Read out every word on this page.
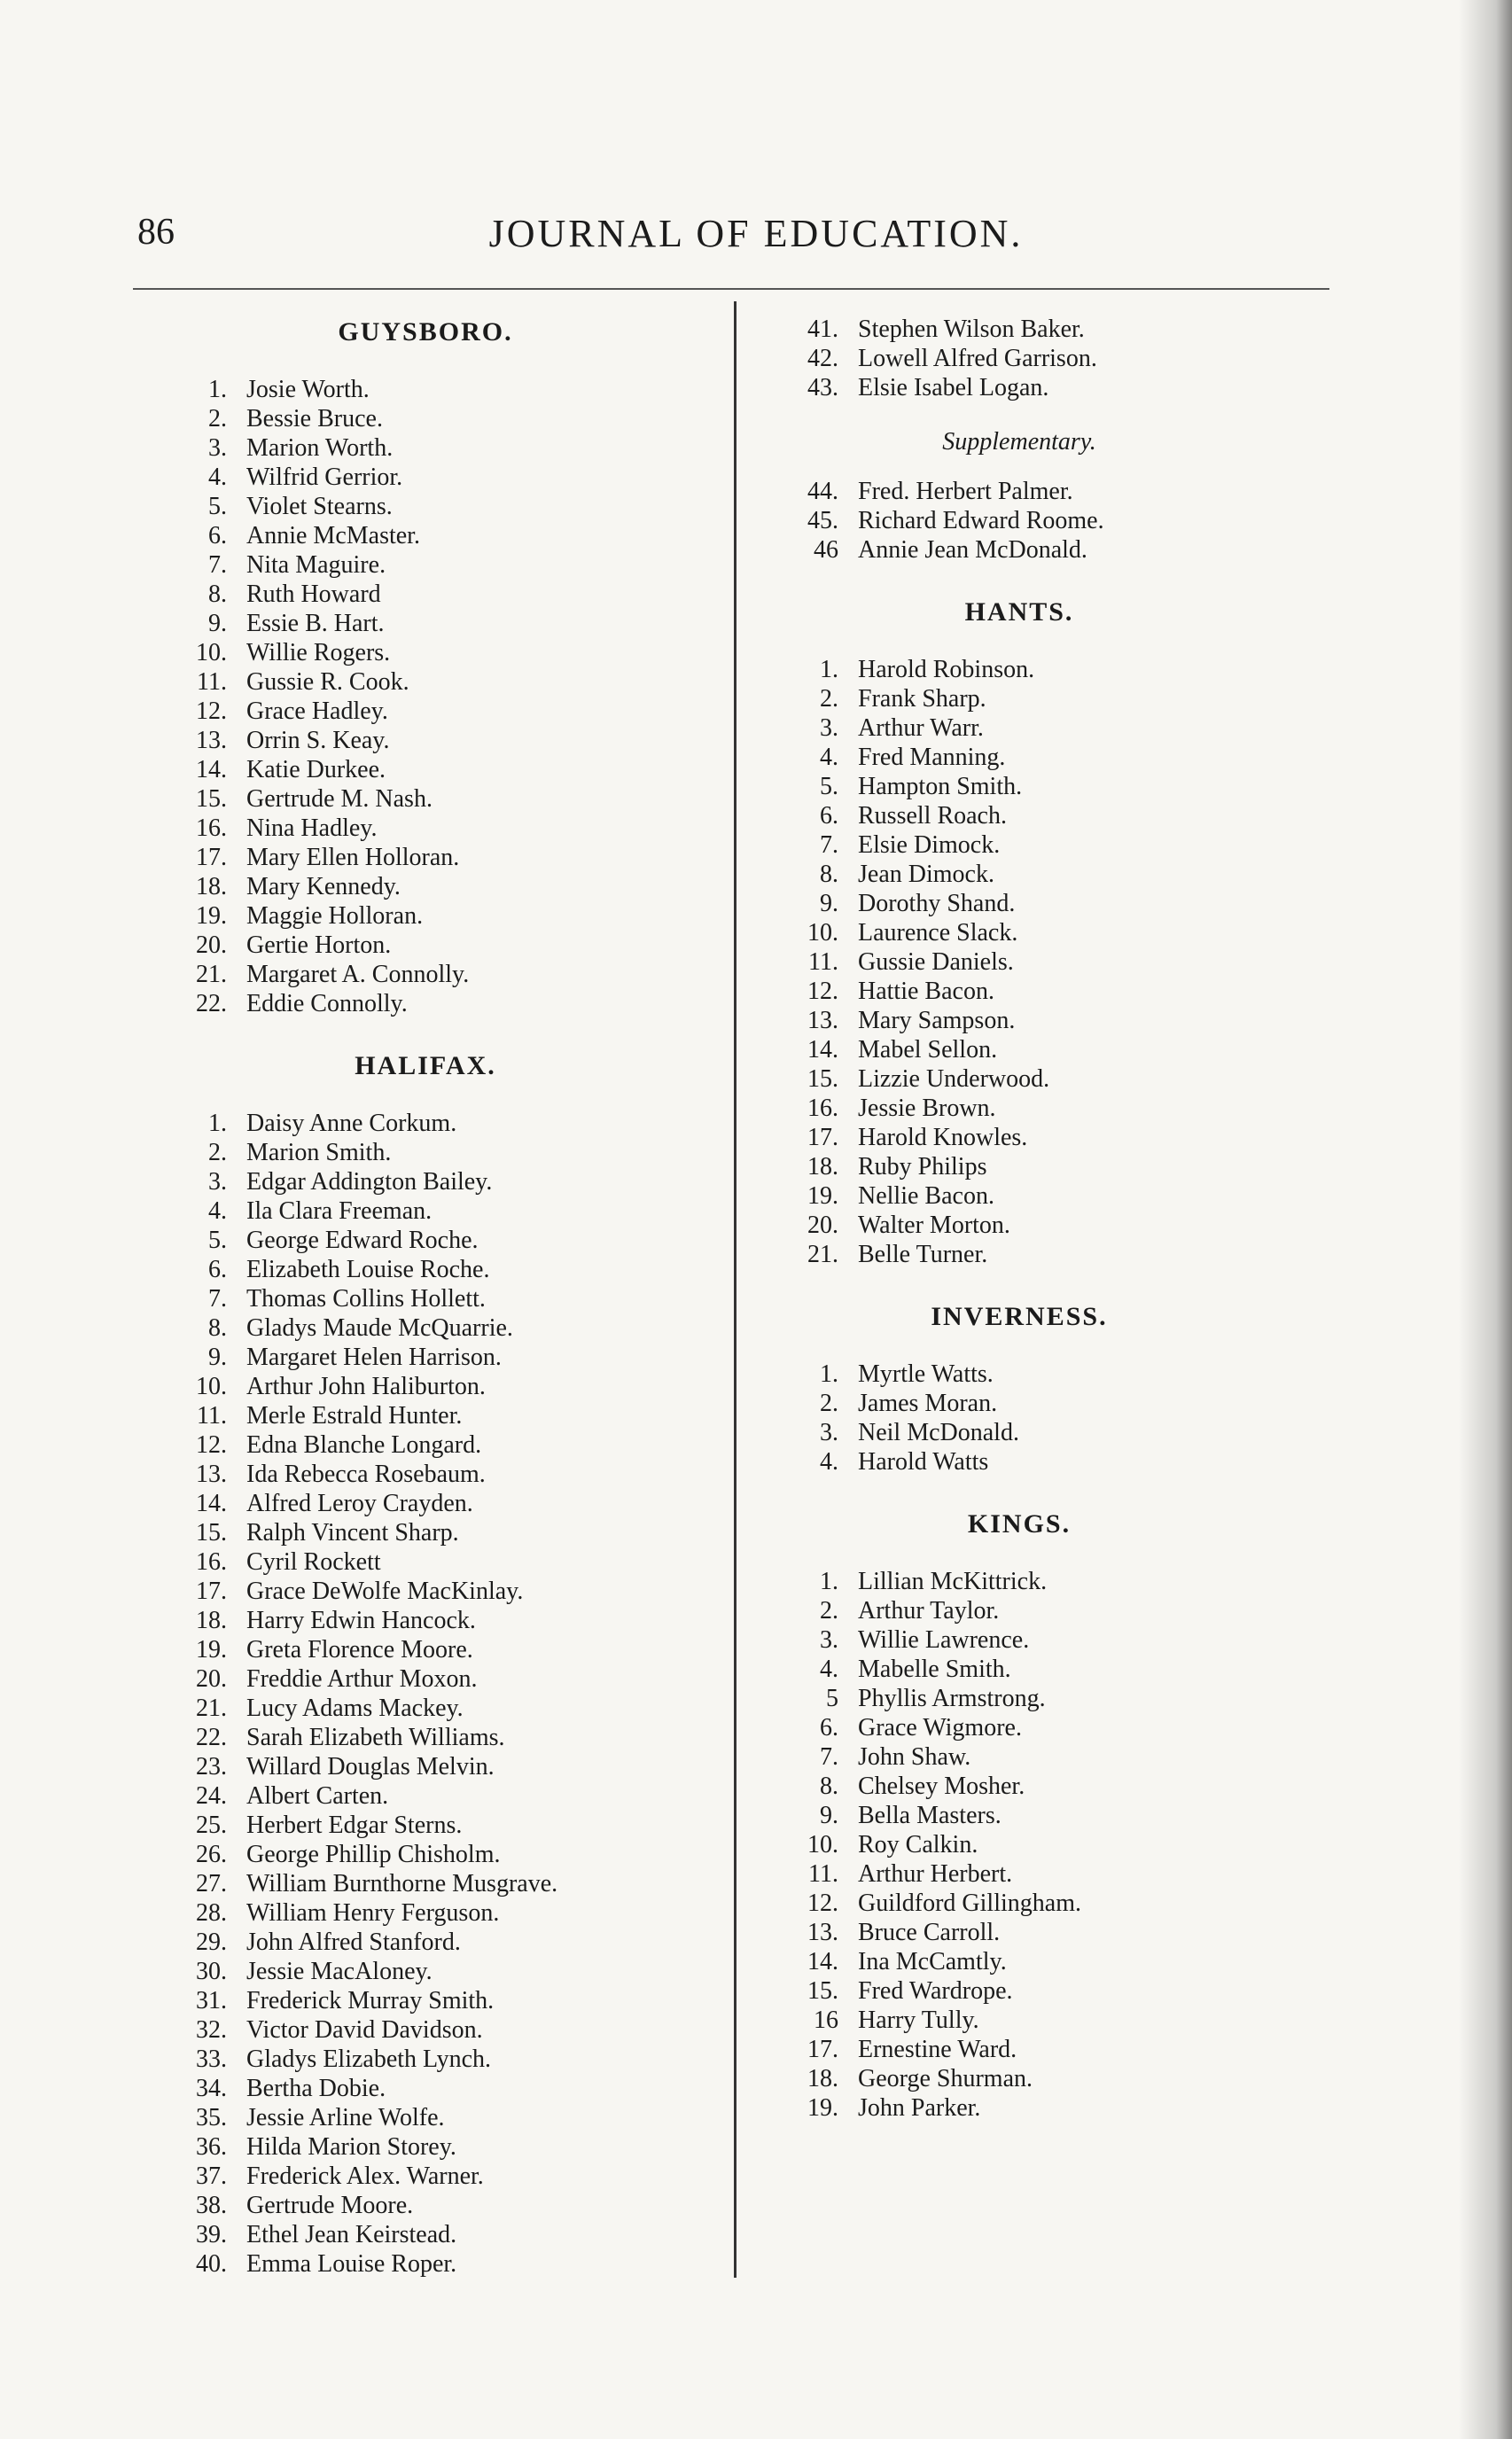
86	JOURNAL OF EDUCATION.
GUYSBORO.
1. Josie Worth.
2. Bessie Bruce.
3. Marion Worth.
4. Wilfrid Gerrior.
5. Violet Stearns.
6. Annie McMaster.
7. Nita Maguire.
8. Ruth Howard
9. Essie B. Hart.
10. Willie Rogers.
11. Gussie R. Cook.
12. Grace Hadley.
13. Orrin S. Keay.
14. Katie Durkee.
15. Gertrude M. Nash.
16. Nina Hadley.
17. Mary Ellen Holloran.
18. Mary Kennedy.
19. Maggie Holloran.
20. Gertie Horton.
21. Margaret A. Connolly.
22. Eddie Connolly.
HALIFAX.
1. Daisy Anne Corkum.
2. Marion Smith.
3. Edgar Addington Bailey.
4. Ila Clara Freeman.
5. George Edward Roche.
6. Elizabeth Louise Roche.
7. Thomas Collins Hollett.
8. Gladys Maude McQuarrie.
9. Margaret Helen Harrison.
10. Arthur John Haliburton.
11. Merle Estrald Hunter.
12. Edna Blanche Longard.
13. Ida Rebecca Rosebaum.
14. Alfred Leroy Crayden.
15. Ralph Vincent Sharp.
16. Cyril Rockett
17. Grace DeWolfe MacKinlay.
18. Harry Edwin Hancock.
19. Greta Florence Moore.
20. Freddie Arthur Moxon.
21. Lucy Adams Mackey.
22. Sarah Elizabeth Williams.
23. Willard Douglas Melvin.
24. Albert Carten.
25. Herbert Edgar Sterns.
26. George Phillip Chisholm.
27. William Burnthorne Musgrave.
28. William Henry Ferguson.
29. John Alfred Stanford.
30. Jessie MacAloney.
31. Frederick Murray Smith.
32. Victor David Davidson.
33. Gladys Elizabeth Lynch.
34. Bertha Dobie.
35. Jessie Arline Wolfe.
36. Hilda Marion Storey.
37. Frederick Alex. Warner.
38. Gertrude Moore.
39. Ethel Jean Keirstead.
40. Emma Louise Roper.
41. Stephen Wilson Baker.
42. Lowell Alfred Garrison.
43. Elsie Isabel Logan.
Supplementary.
44. Fred. Herbert Palmer.
45. Richard Edward Roome.
46 Annie Jean McDonald.
HANTS.
1. Harold Robinson.
2. Frank Sharp.
3. Arthur Warr.
4. Fred Manning.
5. Hampton Smith.
6. Russell Roach.
7. Elsie Dimock.
8. Jean Dimock.
9. Dorothy Shand.
10. Laurence Slack.
11. Gussie Daniels.
12. Hattie Bacon.
13. Mary Sampson.
14. Mabel Sellon.
15. Lizzie Underwood.
16. Jessie Brown.
17. Harold Knowles.
18. Ruby Philips
19. Nellie Bacon.
20. Walter Morton.
21. Belle Turner.
INVERNESS.
1. Myrtle Watts.
2. James Moran.
3. Neil McDonald.
4. Harold Watts
KINGS.
1. Lillian McKittrick.
2. Arthur Taylor.
3. Willie Lawrence.
4. Mabelle Smith.
5 Phyllis Armstrong.
6. Grace Wigmore.
7. John Shaw.
8. Chelsey Mosher.
9. Bella Masters.
10. Roy Calkin.
11. Arthur Herbert.
12. Guildford Gillingham.
13. Bruce Carroll.
14. Ina McCamtly.
15. Fred Wardrope.
16 Harry Tully.
17. Ernestine Ward.
18. George Shurman.
19. John Parker.
